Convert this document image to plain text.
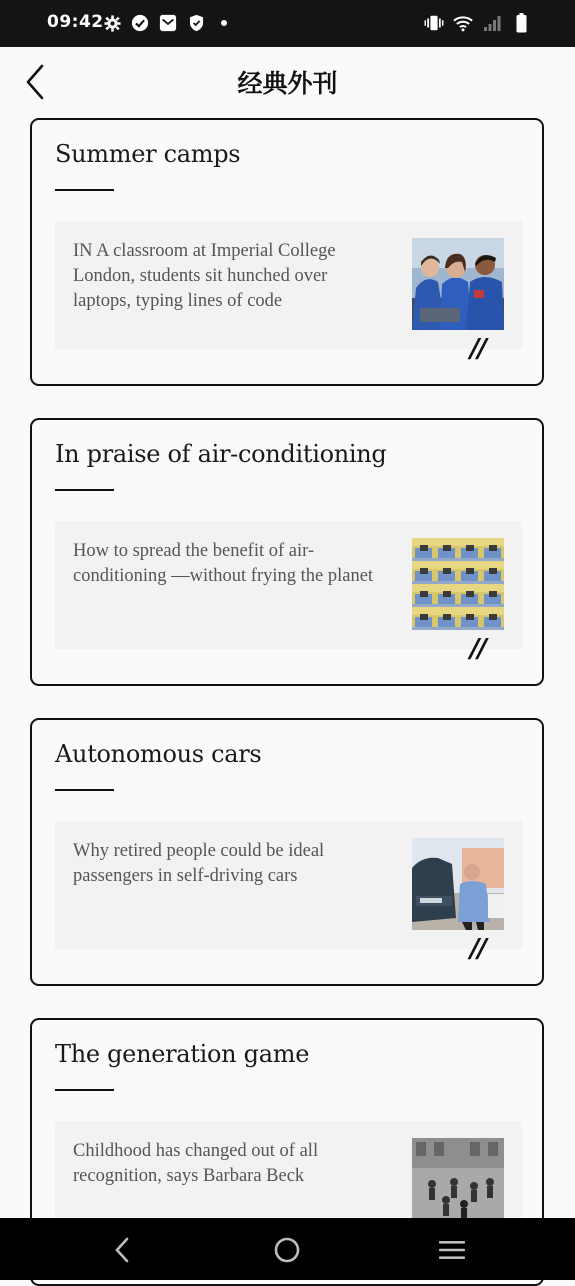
09:42
经典外刊
Summer camps
IN A classroom at Imperial College London, students sit hunched over laptops, typing lines of code
//
In praise of air-conditioning
How to spread the benefit of air-conditioning —without frying the planet
//
Autonomous cars
Why retired people could be ideal passengers in self-driving cars
//
The generation game
Childhood has changed out of all recognition, says Barbara Beck
